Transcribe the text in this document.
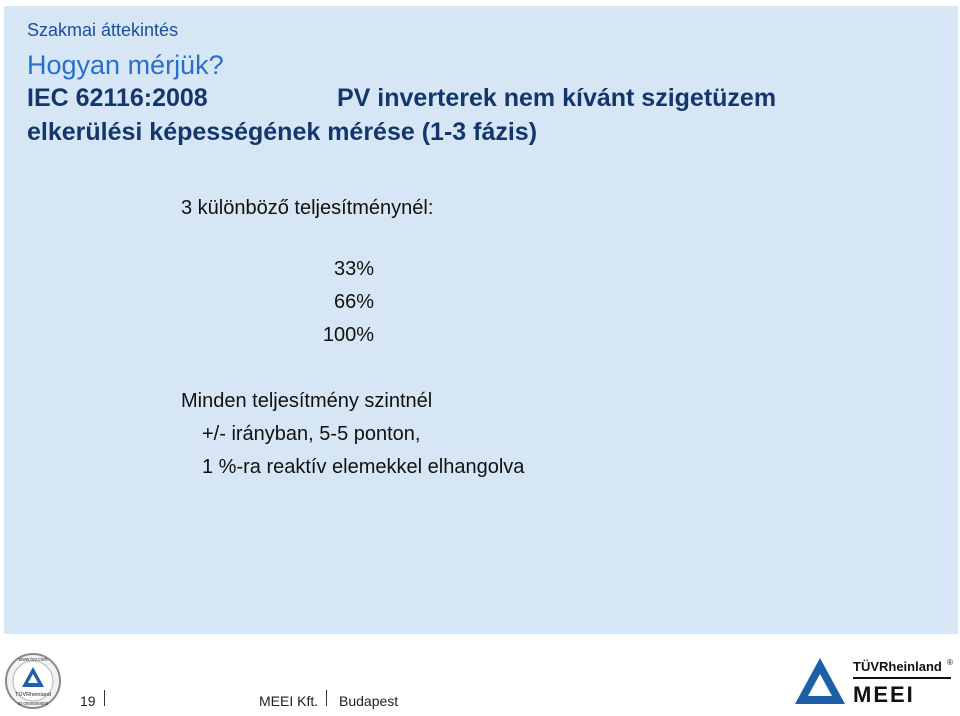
Szakmai áttekintés
Hogyan mérjük?
IEC 62116:2008	PV inverterek nem kívánt szigetüzem
elkerülési képességének mérése (1-3 fázis)
3 különböző teljesítménynél:
33%
66%
100%
Minden teljesítmény szintnél
+/- irányban, 5-5 ponton,
1 %-ra reaktív elemekkel elhangolva
TÜVRheinland
www.tuv.com
ID 0000000000 19	MEEI Kft. Budapest
TÜVRheinland ®
MEEI
